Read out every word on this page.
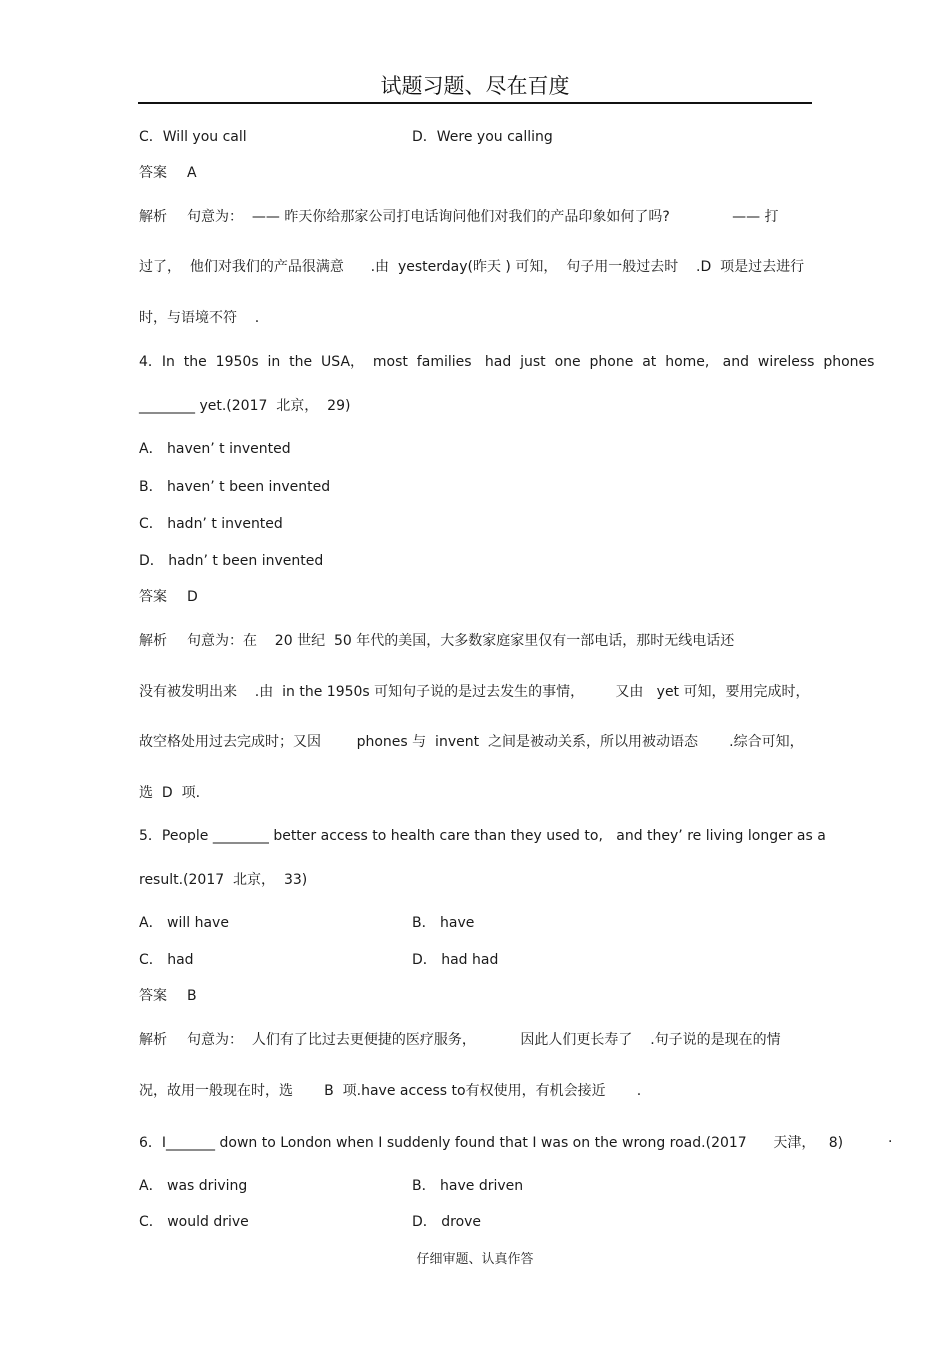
试题习题、尽在百度
C．Will you call	D．Were you calling
答案 A
解析 句意为：  —— 昨天你给那家公司打电话询问他们对我们的产品印象如何了吗?              —— 打
过了，  他们对我们的产品很满意      .由  yesterday(昨天 ) 可知，  句子用一般过去时    .D  项是过去进行
时，与语境不符    .
4．In  the  1950s  in  the  USA，  most  families   had  just  one  phone  at  home,   and  wireless  phones
________ yet.(2017  北京，  29)
A． haven’ t invented
B． haven’ t been invented
C． hadn’ t invented
D． hadn’ t been invented
答案 D
解析 句意为：在    20 世纪  50 年代的美国，大多数家庭家里仅有一部电话，那时无线电话还
没有被发明出来    .由  in the 1950s 可知句子说的是过去发生的事情，       又由   yet 可知，要用完成时，
故空格处用过去完成时；又因        phones 与  invent  之间是被动关系，所以用被动语态       .综合可知，
选  D  项.
5．People ________ better access to health care than they used to,   and they’ re living longer as a
result.(2017  北京，  33)
A． will have	B． have
C． had	D． had had
答案 B
解析 句意为：  人们有了比过去更便捷的医疗服务，          因此人们更长寿了    .句子说的是现在的情
况，故用一般现在时，选       B  项.have access to有权使用，有机会接近       .
6．I_______ down to London when I suddenly found that I was on the wrong road.(2017      天津，   8)	.
A． was driving	B． have driven
C． would drive	D． drove
仔细审题、认真作答
